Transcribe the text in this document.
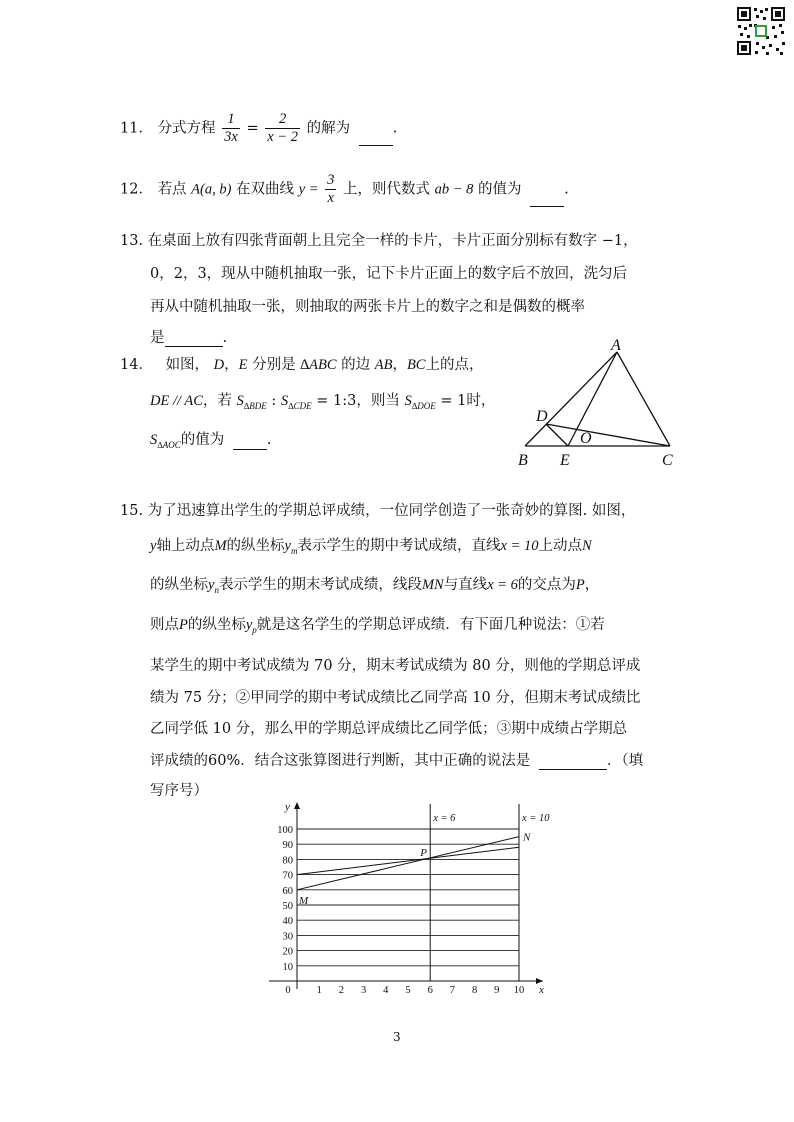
11． 分式方程 $\frac{1}{3x} = \frac{2}{x - 2}$ 的解为	.
12． 若点 A(a, b) 在双曲线 $y = \frac{3}{x}$ 上，则代数式 ab − 8 的值为	.
13. 在桌面上放有四张背面朝上且完全一样的卡片，卡片正面分别标有数字 −1，
0，2，3，现从中随机抽取一张，记下卡片正面上的数字后不放回，洗匀后
再从中随机抽取一张，则抽取的两张卡片上的数字之和是偶数的概率
是	.
14． 如图， D，E 分别是 ∆ABC 的边 AB，BC上的点，
DE // AC，若 $S_{\Delta BDE}$ : $S_{\Delta CDE}$ = 1:3，则当 $S_{\Delta DOE} = 1$时，
$S_{\Delta AOC}$的值为	.
A
B	C
D
E
O
15. 为了迅速算出学生的学期总评成绩，一位同学创造了一张奇妙的算图. 如图，
y轴上动点M的纵坐标$y_m$表示学生的期中考试成绩，直线x = 10上动点N
的纵坐标$y_n$表示学生的期末考试成绩，线段MN与直线x = 6的交点为P，
则点P的纵坐标$y_p$就是这名学生的学期总评成绩．有下面几种说法：①若
某学生的期中考试成绩为 70 分，期末考试成绩为 80 分，则他的学期总评成
绩为 75 分；②甲同学的期中考试成绩比乙同学高 10 分，但期末考试成绩比
乙同学低 10 分，那么甲的学期总评成绩比乙同学低；③期中成绩占学期总
评成绩的60%．结合这张算图进行判断，其中正确的说法是	．（填
写序号）
10
20
30
40
50
60
70
80
90
100
x
y
0 1 2 3 4 5 6 7 8 9 10
x = 6	x = 10
M
N
P
3
